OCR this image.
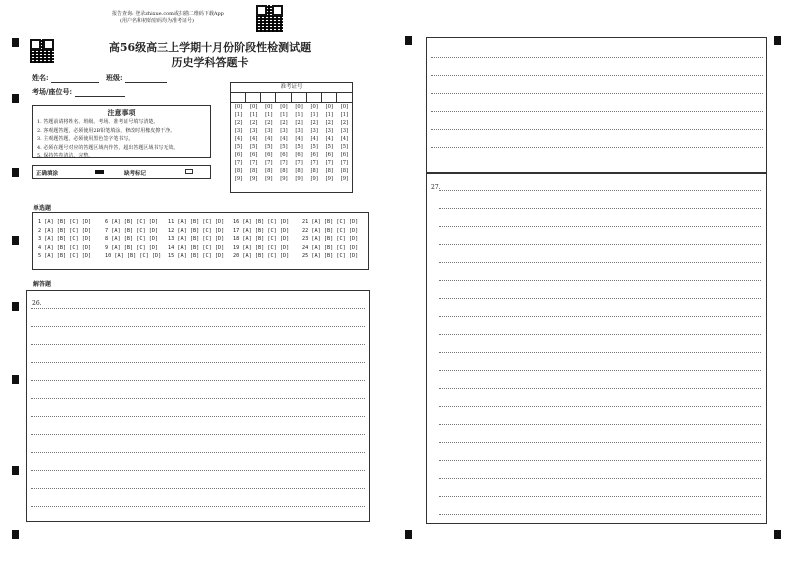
报告查询: 登录zhixue.com或扫描二维码下载App
(用户名和初始密码均为准考证号)
高56级高三上学期十月份阶段性检测试题
历史学科答题卡
姓名:	班级:
考场/座位号:	准考证号
[0]	[0]	[0]	[0]	[0]	[0]	[0]	[0]
[1]	[1]	[1]	[1]	[1]	[1]	[1]	[1]
[2]	[2]	[2]	[2]	[2]	[2]	[2]	[2]
[3]	[3]	[3]	[3]	[3]	[3]	[3]	[3]
[4]	[4]	[4]	[4]	[4]	[4]	[4]	[4]
[5]	[5]	[5]	[5]	[5]	[5]	[5]	[5]
[6]	[6]	[6]	[6]	[6]	[6]	[6]	[6]
[7]	[7]	[7]	[7]	[7]	[7]	[7]	[7]
[8]	[8]	[8]	[8]	[8]	[8]	[8]	[8]
[9]	[9]	[9]	[9]	[9]	[9]	[9]	[9]
注意事项
1. 答题前请将姓名、班级、考场、准考证号填写清楚。
2. 客观题答题，必须使用2B铅笔填涂，修改时用橡皮擦干净。
3. 主观题答题，必须使用黑色签字笔书写。
4. 必须在题号对应的答题区域内作答，超出答题区域书写无效。
5. 保持答卷清洁、完整。
正确填涂	缺考标记
单选题
1 [A] [B] [C] [D]	6 [A] [B] [C] [D] 11 [A] [B] [C] [D] 16 [A] [B] [C] [D] 21 [A] [B] [C] [D]
2 [A] [B] [C] [D]	7 [A] [B] [C] [D] 12 [A] [B] [C] [D] 17 [A] [B] [C] [D] 22 [A] [B] [C] [D]
3 [A] [B] [C] [D]	8 [A] [B] [C] [D] 13 [A] [B] [C] [D] 18 [A] [B] [C] [D] 23 [A] [B] [C] [D]
4 [A] [B] [C] [D]	9 [A] [B] [C] [D] 14 [A] [B] [C] [D] 19 [A] [B] [C] [D] 24 [A] [B] [C] [D]
5 [A] [B] [C] [D]	10 [A] [B] [C] [D] 15 [A] [B] [C] [D] 20 [A] [B] [C] [D] 25 [A] [B] [C] [D]
解答题
26.
27.
